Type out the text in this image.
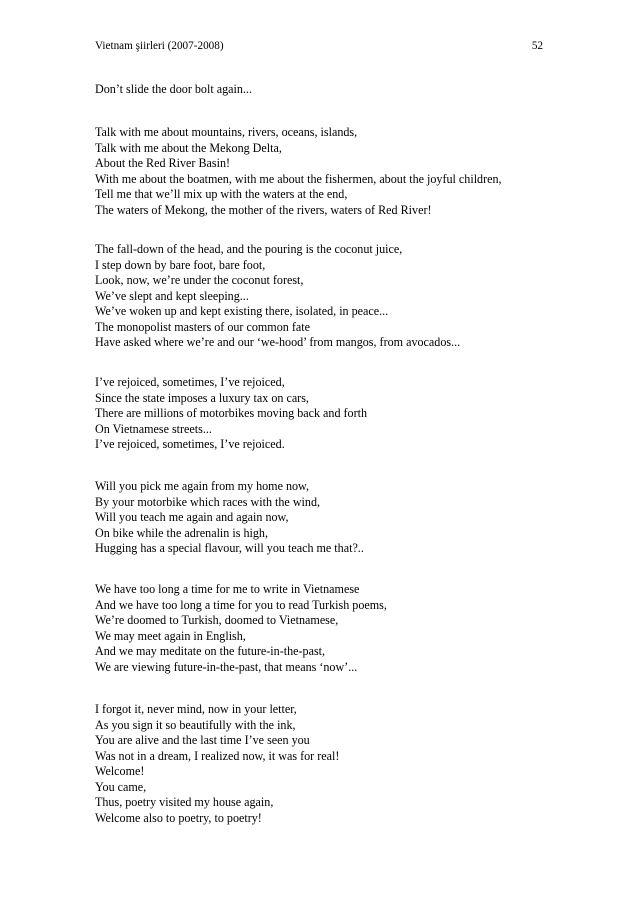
Vietnam şiirleri (2007-2008)	52
Don’t slide the door bolt again...
Talk with me about mountains, rivers, oceans, islands,
Talk with me about the Mekong Delta,
About the Red River Basin!
With me about the boatmen, with me about the fishermen, about the joyful children,
Tell me that we’ll mix up with the waters at the end,
The waters of Mekong, the mother of the rivers, waters of Red River!
The fall-down of the head, and the pouring is the coconut juice,
I step down by bare foot, bare foot,
Look, now, we’re under the coconut forest,
We’ve slept and kept sleeping...
We’ve woken up and kept existing there, isolated, in peace...
The monopolist masters of our common fate
Have asked where we’re and our ‘we-hood’ from mangos, from avocados...
I’ve rejoiced, sometimes, I’ve rejoiced,
Since the state imposes a luxury tax on cars,
There are millions of motorbikes moving back and forth
On Vietnamese streets...
I’ve rejoiced, sometimes, I’ve rejoiced.
Will you pick me again from my home now,
By your motorbike which races with the wind,
Will you teach me again and again now,
On bike while the adrenalin is high,
Hugging has a special flavour, will you teach me that?..
We have too long a time for me to write in Vietnamese
And we have too long a time for you to read Turkish poems,
We’re doomed to Turkish, doomed to Vietnamese,
We may meet again in English,
And we may meditate on the future-in-the-past,
We are viewing future-in-the-past, that means ‘now’...
I forgot it, never mind, now in your letter,
As you sign it so beautifully with the ink,
You are alive and the last time I’ve seen you
Was not in a dream, I realized now, it was for real!
Welcome!
You came,
Thus, poetry visited my house again,
Welcome also to poetry, to poetry!
